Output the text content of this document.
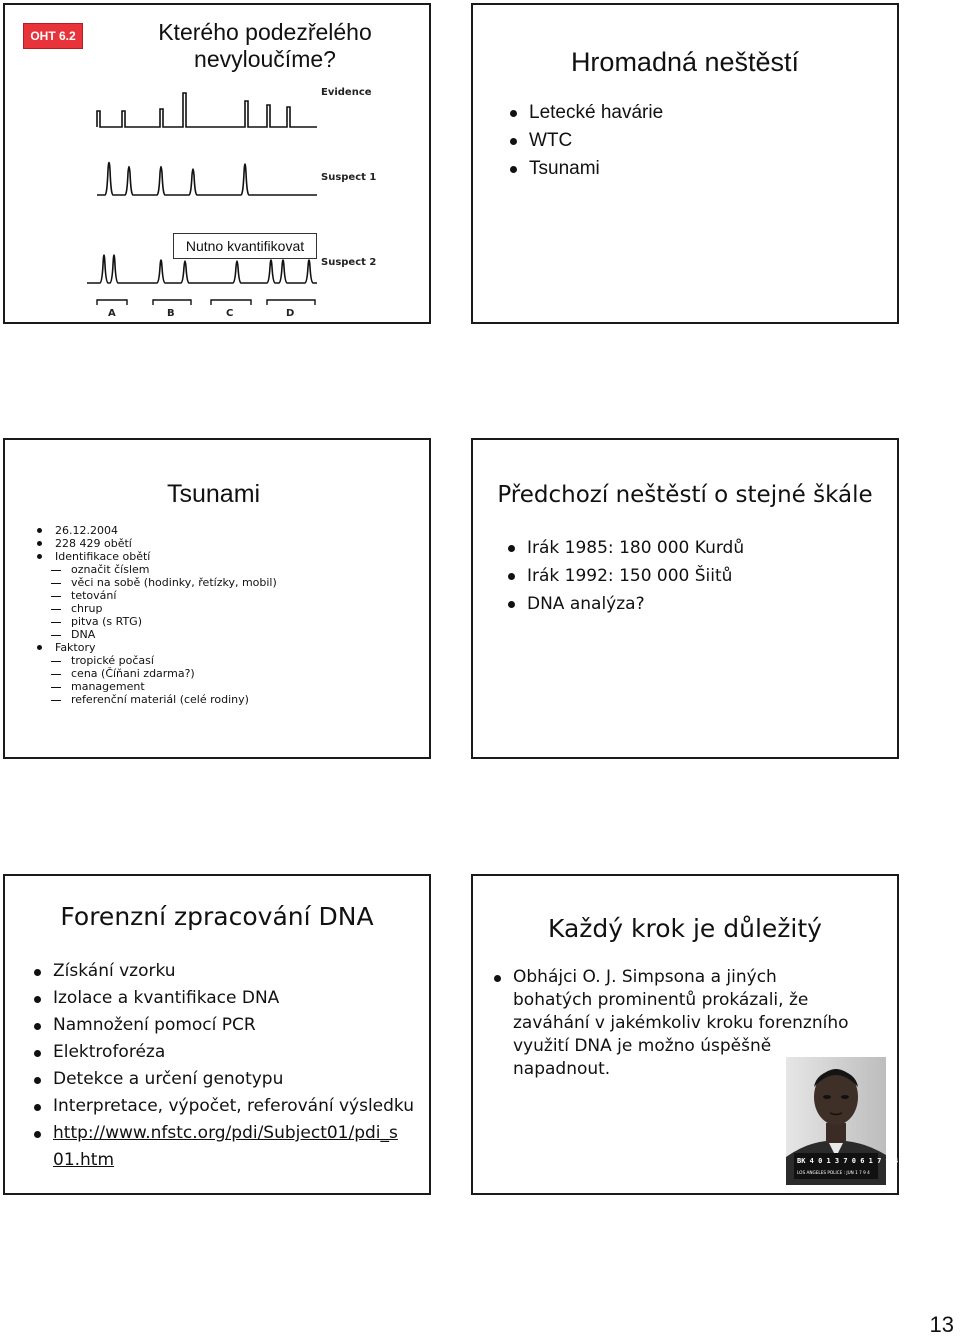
OHT 6.2	Kterého podezřelého
nevyloučíme?
Evidence
Suspect 1
Suspect 2
A	B	C	D
Nutno kvantifikovat
Hromadná neštěstí
Letecké havárie
WTC
Tsunami
Tsunami
26.12.2004
228 429 obětí
Identifikace obětí
označit číslem
věci na sobě (hodinky, řetízky, mobil)
tetování
chrup
pitva (s RTG)
DNA
Faktory
tropické počasí
cena (Číňani zdarma?)
management
referenční materiál (celé rodiny)
Předchozí neštěstí o stejné škále
Irák 1985: 180 000 Kurdů
Irák 1992: 150 000 Šiitů
DNA analýza?
Forenzní zpracování DNA
Získání vzorku
Izolace a kvantifikace DNA
Namnožení pomocí PCR
Elektroforéza
Detekce a určení genotypu
Interpretace, výpočet, referování výsledku
http://www.nfstc.org/pdi/Subject01/pdi_s
01.htm
Každý krok je důležitý
Obhájci O. J. Simpsona a jiných
bohatých prominentů prokázali, že
zaváhání v jakémkoliv kroku forenzního
využití DNA je možno úspěšně
napadnout.
BK 4 0 1 3 7 0 6 1 7 9 4
LOS ANGELES POLICE : JUN 1 7 9 4
13
